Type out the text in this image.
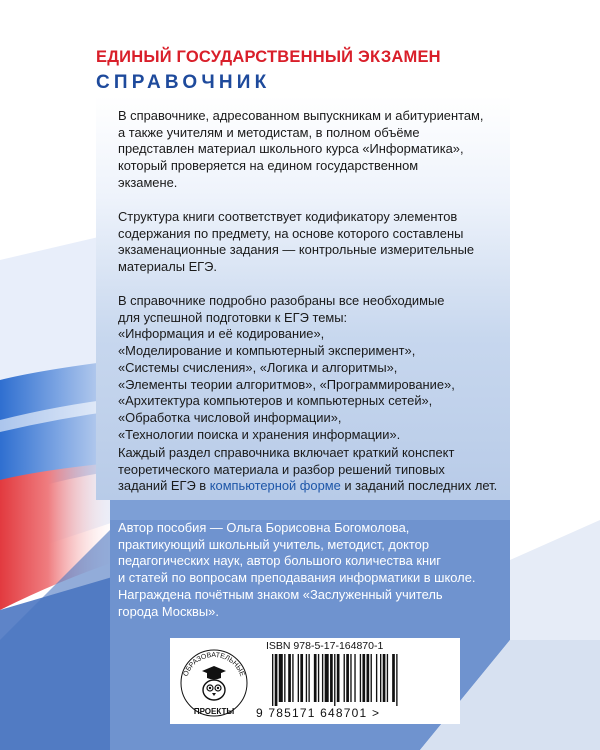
ЕДИНЫЙ ГОСУДАРСТВЕННЫЙ ЭКЗАМЕН
СПРАВОЧНИК
В справочнике, адресованном выпускникам и абитуриентам,
а также учителям и методистам, в полном объёме
представлен материал школьного курса «Информатика»,
который проверяется на едином государственном
экзамене.
Структура книги соответствует кодификатору элементов
содержания по предмету, на основе которого составлены
экзаменационные задания — контрольные измерительные
материалы ЕГЭ.
В справочнике подробно разобраны все необходимые
для успешной подготовки к ЕГЭ темы:
«Информация и её кодирование»,
«Моделирование и компьютерный эксперимент»,
«Системы счисления», «Логика и алгоритмы»,
«Элементы теории алгоритмов», «Программирование»,
«Архитектура компьютеров и компьютерных сетей»,
«Обработка числовой информации»,
«Технологии поиска и хранения информации».
Каждый раздел справочника включает краткий конспект
теоретического материала и разбор решений типовых
заданий ЕГЭ в компьютерной форме и заданий последних лет.
Автор пособия — Ольга Борисовна Богомолова,
практикующий школьный учитель, методист, доктор
педагогических наук, автор большого количества книг
и статей по вопросам преподавания информатики в школе.
Награждена почётным знаком «Заслуженный учитель
города Москвы».
ОБРАЗОВАТЕЛЬНЫЕ
ПРОЕКТЫ
ISBN 978-5-17-164870-1
9 785171 648701 >
